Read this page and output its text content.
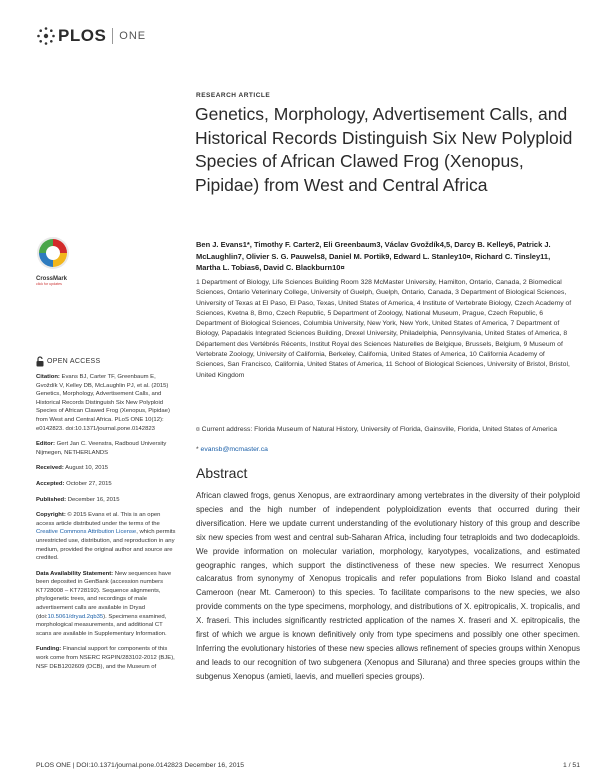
PLOS ONE
RESEARCH ARTICLE
Genetics, Morphology, Advertisement Calls, and Historical Records Distinguish Six New Polyploid Species of African Clawed Frog (Xenopus, Pipidae) from West and Central Africa
Ben J. Evans1*, Timothy F. Carter2, Eli Greenbaum3, Václav Gvoždík4,5, Darcy B. Kelley6, Patrick J. McLaughlin7, Olivier S. G. Pauwels8, Daniel M. Portik9, Edward L. Stanley10¤, Richard C. Tinsley11, Martha L. Tobias6, David C. Blackburn10¤
1 Department of Biology, Life Sciences Building Room 328 McMaster University, Hamilton, Ontario, Canada, 2 Biomedical Sciences, Ontario Veterinary College, University of Guelph, Guelph, Ontario, Canada, 3 Department of Biological Sciences, University of Texas at El Paso, El Paso, Texas, United States of America, 4 Institute of Vertebrate Biology, Czech Academy of Sciences, Kvetna 8, Brno, Czech Republic, 5 Department of Zoology, National Museum, Prague, Czech Republic, 6 Department of Biological Sciences, Columbia University, New York, New York, United States of America, 7 Department of Biology, Papadakis Integrated Sciences Building, Drexel University, Philadelphia, Pennsylvania, United States of America, 8 Département des Vertébrés Récents, Institut Royal des Sciences Naturelles de Belgique, Brussels, Belgium, 9 Museum of Vertebrate Zoology, University of California, Berkeley, California, United States of America, 10 California Academy of Sciences, San Francisco, California, United States of America, 11 School of Biological Sciences, University of Bristol, Bristol, United Kingdom
¤ Current address: Florida Museum of Natural History, University of Florida, Gainsville, Florida, United States of America
* evansb@mcmaster.ca
Abstract
African clawed frogs, genus Xenopus, are extraordinary among vertebrates in the diversity of their polyploid species and the high number of independent polyploidization events that occurred during their diversification. Here we update current understanding of the evolutionary history of this group and describe six new species from west and central sub-Saharan Africa, including four tetraploids and two dodecaploids. We provide information on molecular variation, morphology, karyotypes, vocalizations, and estimated geographic ranges, which support the distinctiveness of these new species. We resurrect Xenopus calcaratus from synonymy of Xenopus tropicalis and refer populations from Bioko Island and coastal Cameroon (near Mt. Cameroon) to this species. To facilitate comparisons to the new species, we also provide comments on the type specimens, morphology, and distributions of X. epitropicalis, X. tropicalis, and X. fraseri. This includes significantly restricted application of the names X. fraseri and X. epitropicalis, the first of which we argue is known definitively only from type specimens and possibly one other specimen. Inferring the evolutionary histories of these new species allows refinement of species groups within Xenopus and leads to our recognition of two subgenera (Xenopus and Silurana) and three species groups within the subgenus Xenopus (amieti, laevis, and muelleri species groups).
CrossMark
click for updates
OPEN ACCESS

Citation: Evans BJ, Carter TF, Greenbaum E, Gvoždík V, Kelley DB, McLaughlin PJ, et al. (2015) Genetics, Morphology, Advertisement Calls, and Historical Records Distinguish Six New Polyploid Species of African Clawed Frog (Xenopus, Pipidae) from West and Central Africa. PLoS ONE 10(12): e0142823. doi:10.1371/journal.pone.0142823

Editor: Gert Jan C. Veenstra, Radboud University Nijmegen, NETHERLANDS

Received: August 10, 2015

Accepted: October 27, 2015

Published: December 16, 2015

Copyright: © 2015 Evans et al. This is an open access article distributed under the terms of the Creative Commons Attribution License, which permits unrestricted use, distribution, and reproduction in any medium, provided the original author and source are credited.

Data Availability Statement: New sequences have been deposited in GenBank (accession numbers KT728008 – KT728192). Sequence alignments, phylogenetic trees, and recordings of male advertisement calls are available in Dryad (doi:10.5061/dryad.2qb35). Specimens examined, morphological measurements, and additional CT scans are available in Supplementary Information.

Funding: Financial support for components of this work come from NSERC RGPIN/283102-2012 (BJE), NSF DEB1202609 (DCB), and the Museum of

PLOS ONE | DOI:10.1371/journal.pone.0142823 December 16, 2015	1 / 51
